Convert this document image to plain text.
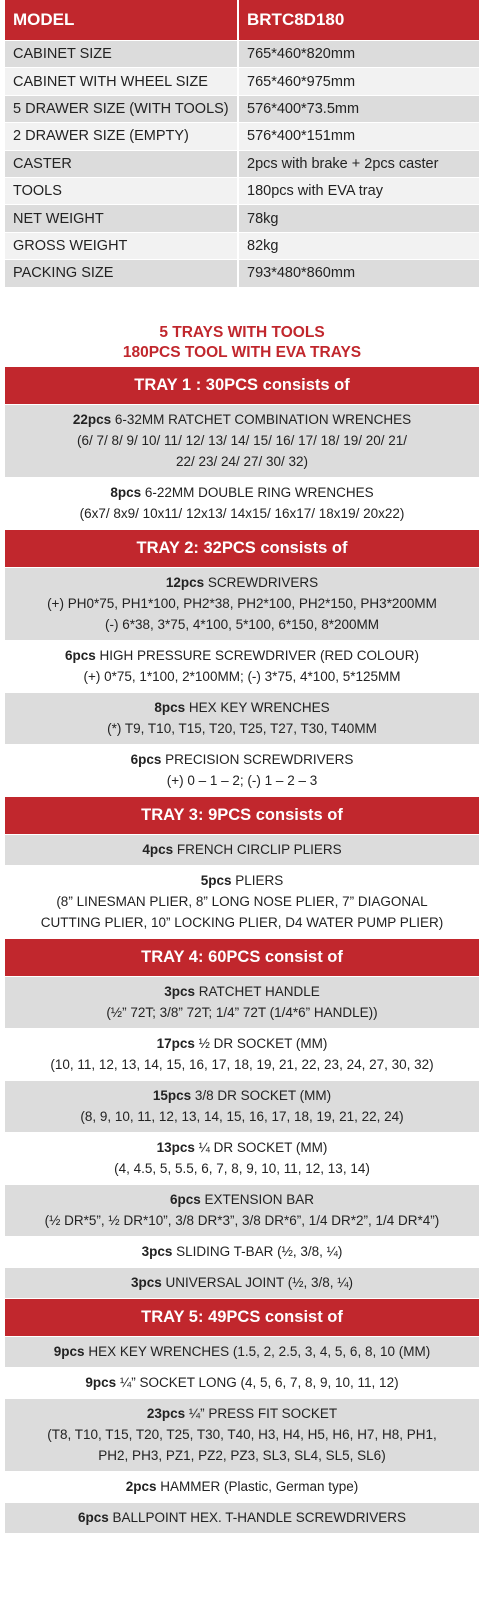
MODEL	BRTC8D180
CABINET SIZE	765*460*820mm
CABINET WITH WHEEL SIZE	765*460*975mm
5 DRAWER SIZE (WITH TOOLS)	576*400*73.5mm
2 DRAWER SIZE (EMPTY)	576*400*151mm
CASTER	2pcs with brake + 2pcs caster
TOOLS	180pcs with EVA tray
NET WEIGHT	78kg
GROSS WEIGHT	82kg
PACKING SIZE	793*480*860mm
5 TRAYS WITH TOOLS
180PCS TOOL WITH EVA TRAYS
TRAY 1 : 30PCS consists of
22pcs 6-32MM RATCHET COMBINATION WRENCHES
(6/ 7/ 8/ 9/ 10/ 11/ 12/ 13/ 14/ 15/ 16/ 17/ 18/ 19/ 20/ 21/
22/ 23/ 24/ 27/ 30/ 32)
8pcs 6-22MM DOUBLE RING WRENCHES
(6x7/ 8x9/ 10x11/ 12x13/ 14x15/ 16x17/ 18x19/ 20x22)
TRAY 2: 32PCS consists of
12pcs SCREWDRIVERS
(+) PH0*75, PH1*100, PH2*38, PH2*100, PH2*150, PH3*200MM
(-) 6*38, 3*75, 4*100, 5*100, 6*150, 8*200MM
6pcs HIGH PRESSURE SCREWDRIVER (RED COLOUR)
(+) 0*75, 1*100, 2*100MM; (-) 3*75, 4*100, 5*125MM
8pcs HEX KEY WRENCHES
(*) T9, T10, T15, T20, T25, T27, T30, T40MM
6pcs PRECISION SCREWDRIVERS
(+) 0 – 1 – 2; (-) 1 – 2 – 3
TRAY 3: 9PCS consists of
4pcs FRENCH CIRCLIP PLIERS
5pcs PLIERS
(8” LINESMAN PLIER, 8” LONG NOSE PLIER, 7” DIAGONAL
CUTTING PLIER, 10” LOCKING PLIER, D4 WATER PUMP PLIER)
TRAY 4: 60PCS consist of
3pcs RATCHET HANDLE
(½” 72T; 3/8” 72T; 1/4” 72T (1/4*6” HANDLE))
17pcs ½ DR SOCKET (MM)
(10, 11, 12, 13, 14, 15, 16, 17, 18, 19, 21, 22, 23, 24, 27, 30, 32)
15pcs 3/8 DR SOCKET (MM)
(8, 9, 10, 11, 12, 13, 14, 15, 16, 17, 18, 19, 21, 22, 24)
13pcs ¼ DR SOCKET (MM)
(4, 4.5, 5, 5.5, 6, 7, 8, 9, 10, 11, 12, 13, 14)
6pcs EXTENSION BAR
(½ DR*5”, ½ DR*10”, 3/8 DR*3”, 3/8 DR*6”, 1/4 DR*2”, 1/4 DR*4”)
3pcs SLIDING T-BAR (½, 3/8, ¼)
3pcs UNIVERSAL JOINT (½, 3/8, ¼)
TRAY 5: 49PCS consist of
9pcs HEX KEY WRENCHES (1.5, 2, 2.5, 3, 4, 5, 6, 8, 10 (MM)
9pcs ¼” SOCKET LONG (4, 5, 6, 7, 8, 9, 10, 11, 12)
23pcs ¼” PRESS FIT SOCKET
(T8, T10, T15, T20, T25, T30, T40, H3, H4, H5, H6, H7, H8, PH1,
PH2, PH3, PZ1, PZ2, PZ3, SL3, SL4, SL5, SL6)
2pcs HAMMER (Plastic, German type)
6pcs BALLPOINT HEX. T-HANDLE SCREWDRIVERS
